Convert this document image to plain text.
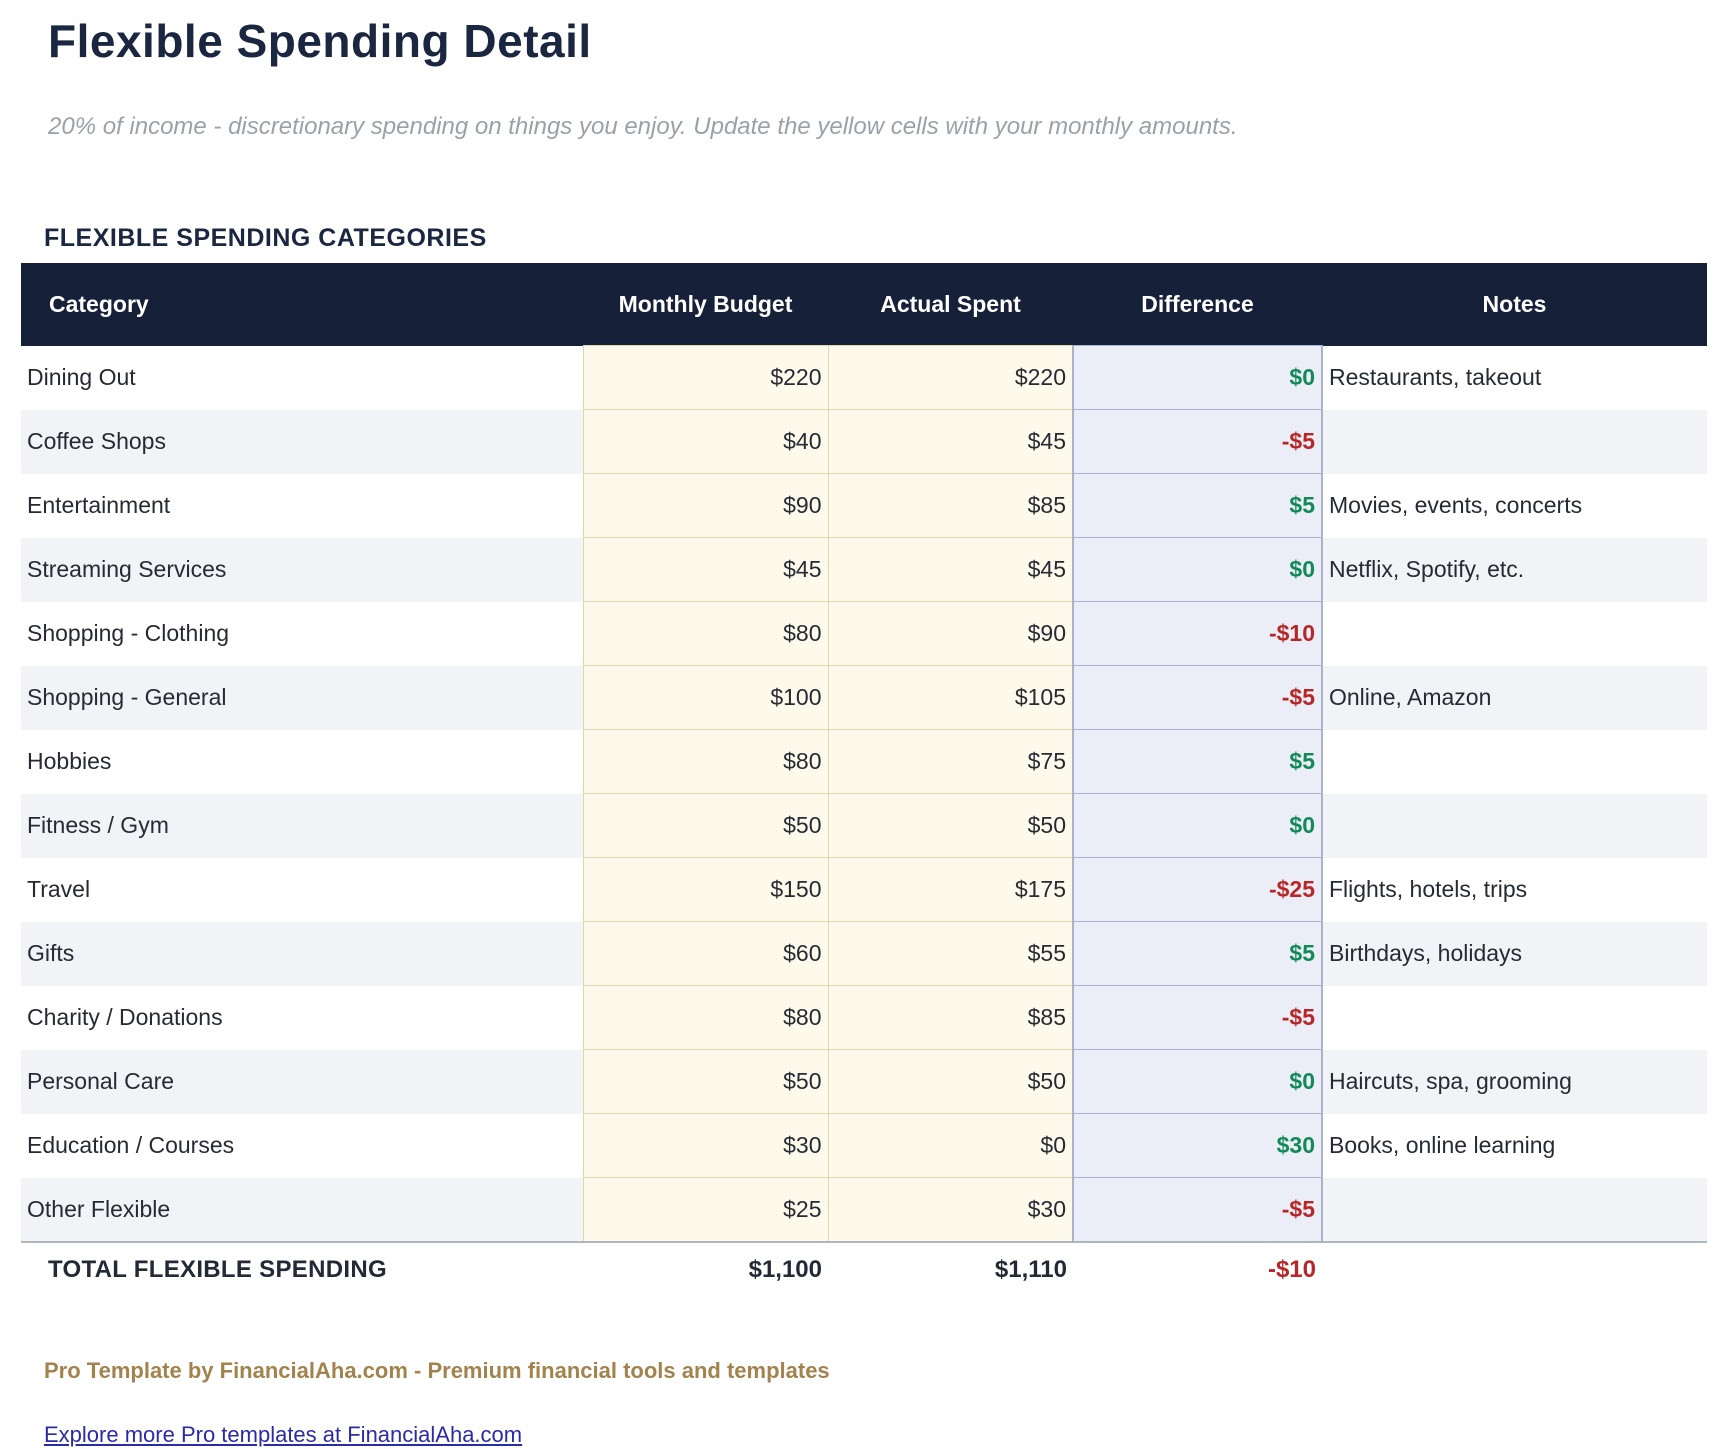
Flexible Spending Detail
20% of income - discretionary spending on things you enjoy. Update the yellow cells with your monthly amounts.
FLEXIBLE SPENDING CATEGORIES
Category	Monthly Budget	Actual Spent	Difference	Notes
Dining Out	$220	$220	$0	Restaurants, takeout
Coffee Shops	$40	$45	-$5	
Entertainment	$90	$85	$5	Movies, events, concerts
Streaming Services	$45	$45	$0	Netflix, Spotify, etc.
Shopping - Clothing	$80	$90	-$10	
Shopping - General	$100	$105	-$5	Online, Amazon
Hobbies	$80	$75	$5	
Fitness / Gym	$50	$50	$0	
Travel	$150	$175	-$25	Flights, hotels, trips
Gifts	$60	$55	$5	Birthdays, holidays
Charity / Donations	$80	$85	-$5	
Personal Care	$50	$50	$0	Haircuts, spa, grooming
Education / Courses	$30	$0	$30	Books, online learning
Other Flexible	$25	$30	-$5	
TOTAL FLEXIBLE SPENDING	$1,100	$1,110	-$10	
Pro Template by FinancialAha.com - Premium financial tools and templates

Explore more Pro templates at FinancialAha.com
